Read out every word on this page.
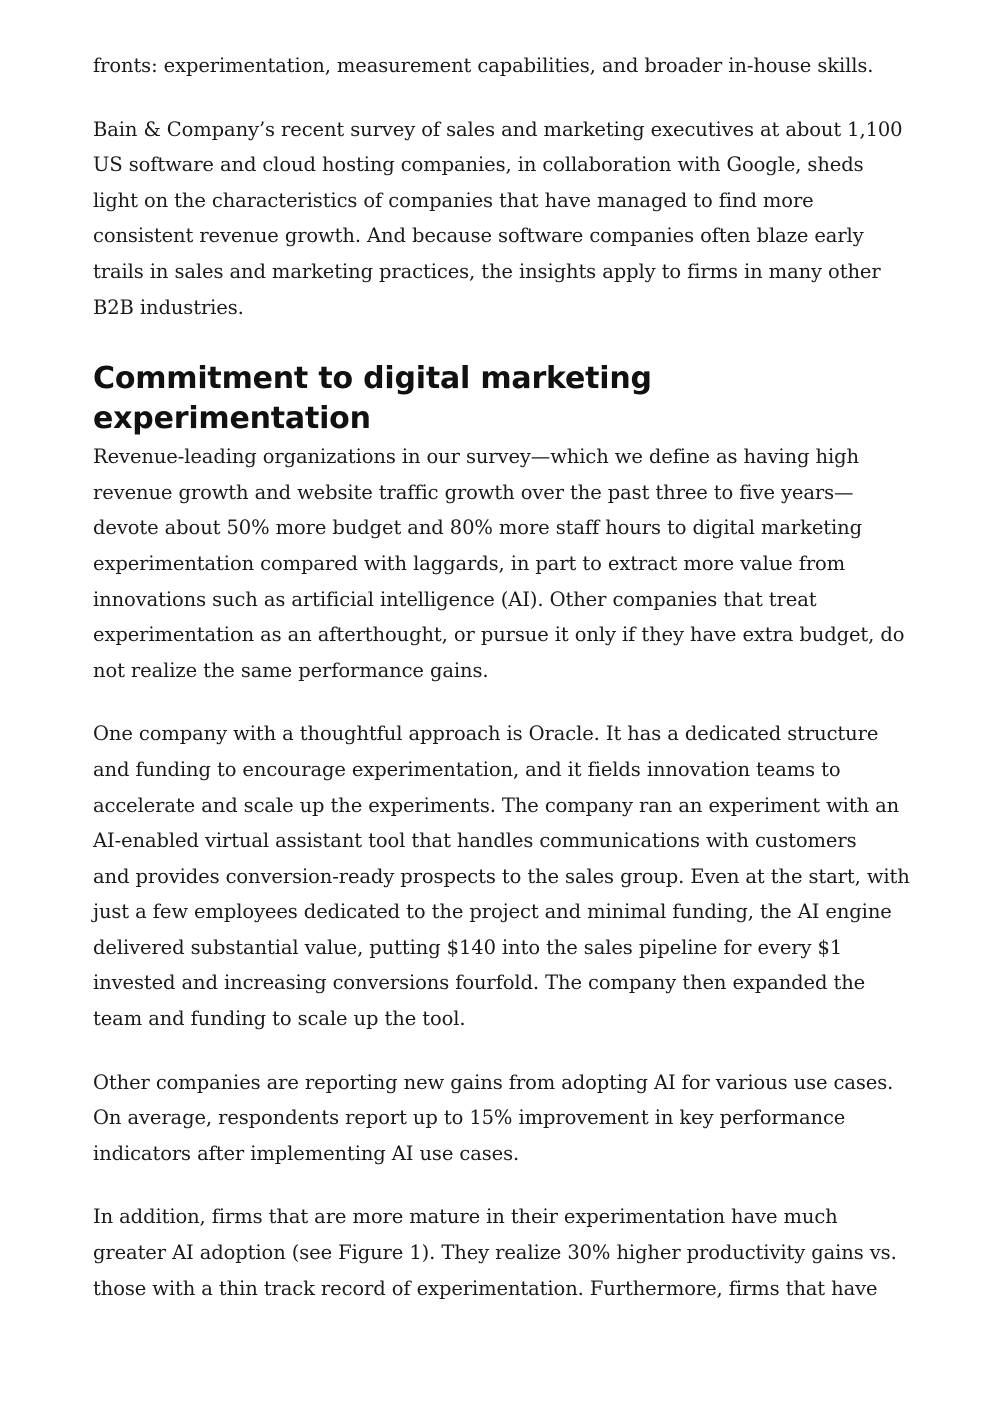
fronts: experimentation, measurement capabilities, and broader in-house skills.

Bain & Company’s recent survey of sales and marketing executives at about 1,100
US software and cloud hosting companies, in collaboration with Google, sheds
light on the characteristics of companies that have managed to find more
consistent revenue growth. And because software companies often blaze early
trails in sales and marketing practices, the insights apply to firms in many other
B2B industries.

Commitment to digital marketing experimentation

Revenue-leading organizations in our survey—which we define as having high
revenue growth and website traffic growth over the past three to five years—
devote about 50% more budget and 80% more staff hours to digital marketing
experimentation compared with laggards, in part to extract more value from
innovations such as artificial intelligence (AI). Other companies that treat
experimentation as an afterthought, or pursue it only if they have extra budget, do
not realize the same performance gains.

One company with a thoughtful approach is Oracle. It has a dedicated structure
and funding to encourage experimentation, and it fields innovation teams to
accelerate and scale up the experiments. The company ran an experiment with an
AI-enabled virtual assistant tool that handles communications with customers
and provides conversion-ready prospects to the sales group. Even at the start, with
just a few employees dedicated to the project and minimal funding, the AI engine
delivered substantial value, putting $140 into the sales pipeline for every $1
invested and increasing conversions fourfold. The company then expanded the
team and funding to scale up the tool.

Other companies are reporting new gains from adopting AI for various use cases.
On average, respondents report up to 15% improvement in key performance
indicators after implementing AI use cases.

In addition, firms that are more mature in their experimentation have much
greater AI adoption (see Figure 1). They realize 30% higher productivity gains vs.
those with a thin track record of experimentation. Furthermore, firms that have
